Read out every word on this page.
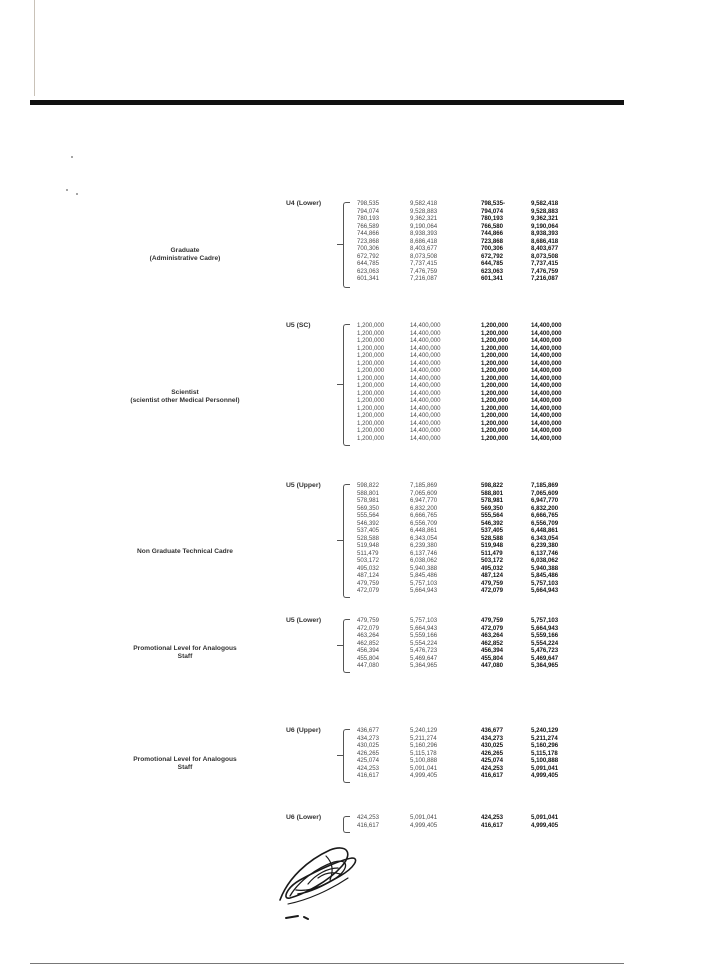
U4 (Lower)
Graduate
(Administrative Cadre)
798,535
794,074
780,193
766,589
744,866
723,868
700,306
672,792
644,785
623,063
601,341
9,582,418
9,528,883
9,362,321
9,190,064
8,938,393
8,686,418
8,403,677
8,073,508
7,737,415
7,476,759
7,216,087
798,535-
794,074
780,193
766,580
744,866
723,868
700,306
672,792
644,785
623,063
601,341
9,582,418
9,528,883
9,362,321
9,190,064
8,938,393
8,686,418
8,403,677
8,073,508
7,737,415
7,476,759
7,216,087
U5 (SC)
Scientist
(scientist other Medical Personnel)
1,200,000
1,200,000
1,200,000
1,200,000
1,200,000
1,200,000
1,200,000
1,200,000
1,200,000
1,200,000
1,200,000
1,200,000
1,200,000
1,200,000
1,200,000
1,200,000
14,400,000
14,400,000
14,400,000
14,400,000
14,400,000
14,400,000
14,400,000
14,400,000
14,400,000
14,400,000
14,400,000
14,400,000
14,400,000
14,400,000
14,400,000
14,400,000
1,200,000
1,200,000
1,200,000
1,200,000
1,200,000
1,200,000
1,200,000
1,200,000
1,200,000
1,200,000
1,200,000
1,200,000
1,200,000
1,200,000
1,200,000
1,200,000
14,400,000
14,400,000
14,400,000
14,400,000
14,400,000
14,400,000
14,400,000
14,400,000
14,400,000
14,400,000
14,400,000
14,400,000
14,400,000
14,400,000
14,400,000
14,400,000
U5 (Upper)
Non Graduate Technical Cadre
598,822
588,801
578,981
569,350
555,564
546,392
537,405
528,588
519,948
511,479
503,172
495,032
487,124
479,759
472,079
7,185,869
7,065,609
6,947,770
6,832,200
6,666,765
6,556,709
6,448,861
6,343,054
6,239,380
6,137,746
6,038,062
5,940,388
5,845,486
5,757,103
5,664,943
598,822
588,801
578,981
569,350
555,564
546,392
537,405
528,588
519,948
511,479
503,172
495,032
487,124
479,759
472,079
7,185,869
7,065,609
6,947,770
6,832,200
6,666,765
6,556,709
6,448,861
6,343,054
6,239,380
6,137,746
6,038,062
5,940,388
5,845,486
5,757,103
5,664,943
U5 (Lower)
Promotional Level for Analogous
Staff
479,759
472,079
463,264
462,852
456,394
455,804
447,080
5,757,103
5,664,943
5,559,166
5,554,224
5,476,723
5,469,647
5,364,965
479,759
472,079
463,264
462,852
456,394
455,804
447,080
5,757,103
5,664,943
5,559,166
5,554,224
5,476,723
5,469,647
5,364,965
U6 (Upper)
Promotional Level for Analogous
Staff
436,677
434,273
430,025
426,265
425,074
424,253
416,617
5,240,129
5,211,274
5,160,296
5,115,178
5,100,888
5,091,041
4,999,405
436,677
434,273
430,025
426,265
425,074
424,253
416,617
5,240,129
5,211,274
5,160,296
5,115,178
5,100,888
5,091,041
4,999,405
U6 (Lower)	424,253
416,617
5,091,041
4,999,405
424,253
416,617
5,091,041
4,999,405
